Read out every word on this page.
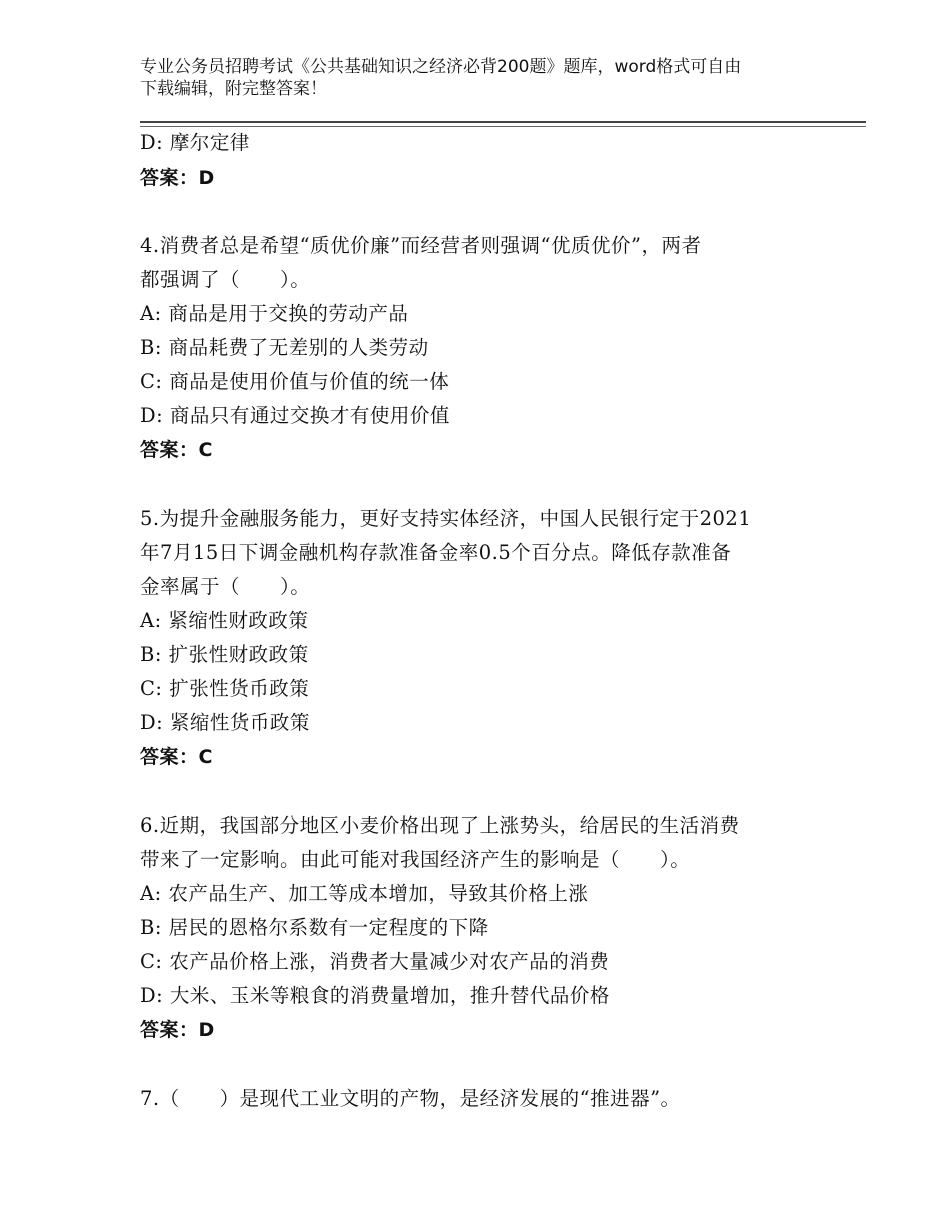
专业公务员招聘考试《公共基础知识之经济必背200题》题库，word格式可自由
下载编辑，附完整答案！
D: 摩尔定律
答案：D
4.消费者总是希望“质优价廉”而经营者则强调“优质优价”，两者
都强调了（　　）。
A: 商品是用于交换的劳动产品
B: 商品耗费了无差别的人类劳动
C: 商品是使用价值与价值的统一体
D: 商品只有通过交换才有使用价值
答案：C
5.为提升金融服务能力，更好支持实体经济，中国人民银行定于2021
年7月15日下调金融机构存款准备金率0.5个百分点。降低存款准备
金率属于（　　）。
A: 紧缩性财政政策
B: 扩张性财政政策
C: 扩张性货币政策
D: 紧缩性货币政策
答案：C
6.近期，我国部分地区小麦价格出现了上涨势头，给居民的生活消费
带来了一定影响。由此可能对我国经济产生的影响是（　　）。
A: 农产品生产、加工等成本增加，导致其价格上涨
B: 居民的恩格尔系数有一定程度的下降
C: 农产品价格上涨，消费者大量减少对农产品的消费
D: 大米、玉米等粮食的消费量增加，推升替代品价格
答案：D
7.（　　）是现代工业文明的产物，是经济发展的“推进器”。
